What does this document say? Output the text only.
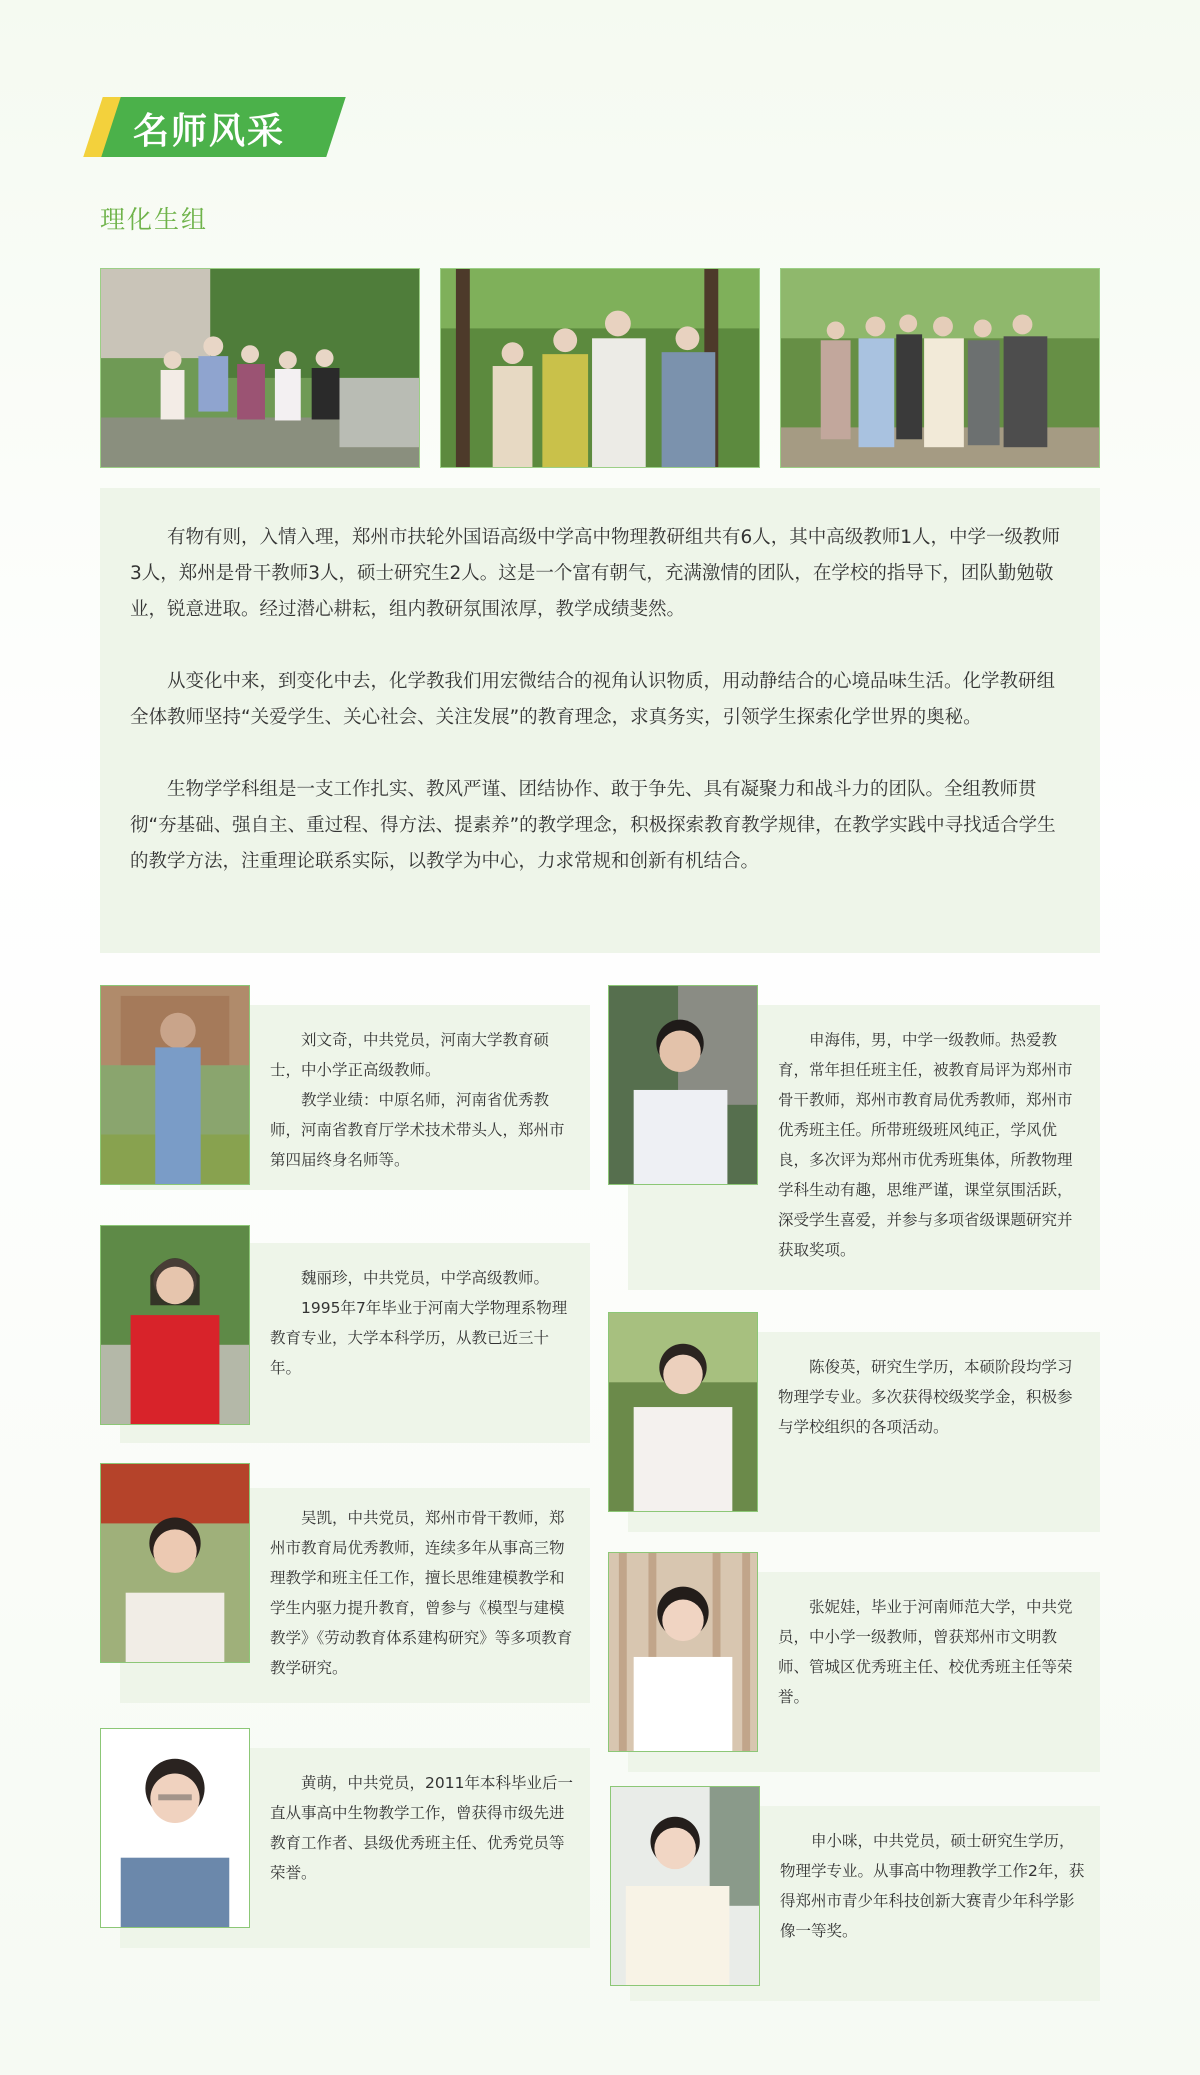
名师风采
理化生组

有物有则，入情入理，郑州市扶轮外国语高级中学高中物理教研组共有6人，其中高级教师1人，中学一级教师3人，郑州是骨干教师3人，硕士研究生2人。这是一个富有朝气，充满激情的团队，在学校的指导下，团队勤勉敬业，锐意进取。经过潜心耕耘，组内教研氛围浓厚，教学成绩斐然。

从变化中来，到变化中去，化学教我们用宏微结合的视角认识物质，用动静结合的心境品味生活。化学教研组全体教师坚持“关爱学生、关心社会、关注发展”的教育理念，求真务实，引领学生探索化学世界的奥秘。

生物学学科组是一支工作扎实、教风严谨、团结协作、敢于争先、具有凝聚力和战斗力的团队。全组教师贯彻“夯基础、强自主、重过程、得方法、提素养”的教学理念，积极探索教育教学规律，在教学实践中寻找适合学生的教学方法，注重理论联系实际，以教学为中心，力求常规和创新有机结合。

刘文奇，中共党员，河南大学教育硕士，中小学正高级教师。

教学业绩：中原名师，河南省优秀教师，河南省教育厅学术技术带头人，郑州市第四届终身名师等。

魏丽珍，中共党员，中学高级教师。

1995年7年毕业于河南大学物理系物理教育专业，大学本科学历，从教已近三十年。

吴凯，中共党员，郑州市骨干教师，郑州市教育局优秀教师，连续多年从事高三物理教学和班主任工作，擅长思维建模教学和学生内驱力提升教育，曾参与《模型与建模教学》《劳动教育体系建构研究》等多项教育教学研究。

黄萌，中共党员，2011年本科毕业后一直从事高中生物教学工作，曾获得市级先进教育工作者、县级优秀班主任、优秀党员等荣誉。

申海伟，男，中学一级教师。热爱教育，常年担任班主任，被教育局评为郑州市骨干教师，郑州市教育局优秀教师，郑州市优秀班主任。所带班级班风纯正，学风优良，多次评为郑州市优秀班集体，所教物理学科生动有趣，思维严谨，课堂氛围活跃，深受学生喜爱，并参与多项省级课题研究并获取奖项。

陈俊英，研究生学历，本硕阶段均学习物理学专业。多次获得校级奖学金，积极参与学校组织的各项活动。

张妮娃，毕业于河南师范大学，中共党员，中小学一级教师，曾获郑州市文明教师、管城区优秀班主任、校优秀班主任等荣誉。

申小咪，中共党员，硕士研究生学历，物理学专业。从事高中物理教学工作2年，获得郑州市青少年科技创新大赛青少年科学影像一等奖。
